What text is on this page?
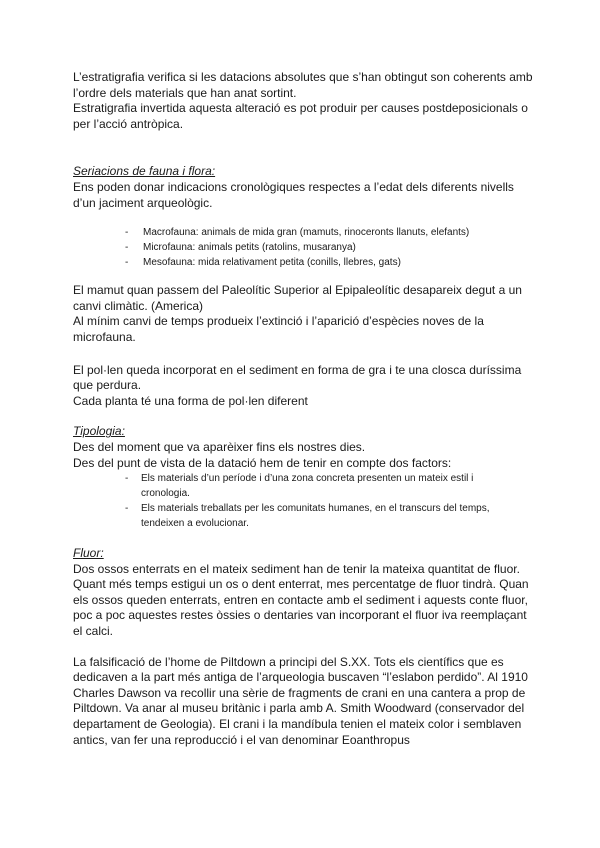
L’estratigrafia verifica si les datacions absolutes que s’han obtingut son coherents amb l’ordre dels materials que han anat sortint.

Estratigrafia invertida aquesta alteració es pot produir per causes postdeposicionals o per l’acció antròpica.

Seriacions de fauna i flora:

Ens poden donar indicacions cronològiques respectes a l’edat dels diferents nivells d’un jaciment arqueològic.

- Macrofauna: animals de mida gran (mamuts, rinoceronts llanuts, elefants)
- Microfauna: animals petits (ratolins, musaranya)
- Mesofauna: mida relativament petita (conills, llebres, gats)

El mamut quan passem del Paleolític Superior al Epipaleolític desapareix degut a un canvi climàtic. (America)

Al mínim canvi de temps produeix l’extinció i l’aparició d’espècies noves de la microfauna.

El pol·len queda incorporat en el sediment en forma de gra i te una closca duríssima que perdura.

Cada planta té una forma de pol·len diferent

Tipologia:

Des del moment que va aparèixer fins els nostres dies.

Des del punt de vista de la datació hem de tenir en compte dos factors:

- Els materials d’un període i d’una zona concreta presenten un mateix estil i cronologia.
- Els materials treballats per les comunitats humanes, en el transcurs del temps, tendeixen a evolucionar.

Fluor:

Dos ossos enterrats en el mateix sediment han de tenir la mateixa quantitat de fluor. Quant més temps estigui un os o dent enterrat, mes percentatge de fluor tindrà. Quan els ossos queden enterrats, entren en contacte amb el sediment i aquests conte fluor, poc a poc aquestes restes òssies o dentaries van incorporant el fluor iva reemplaçant el calci.

La falsificació de l’home de Piltdown a principi del S.XX. Tots els científics que es dedicaven a la part més antiga de l’arqueologia buscaven “l’eslabon perdido”. Al 1910 Charles Dawson va recollir una sèrie de fragments de crani en una cantera a prop de Piltdown. Va anar al museu britànic i parla amb A. Smith Woodward (conservador del departament de Geologia). El crani i la mandíbula tenien el mateix color i semblaven antics, van fer una reproducció i el van denominar Eoanthropus
